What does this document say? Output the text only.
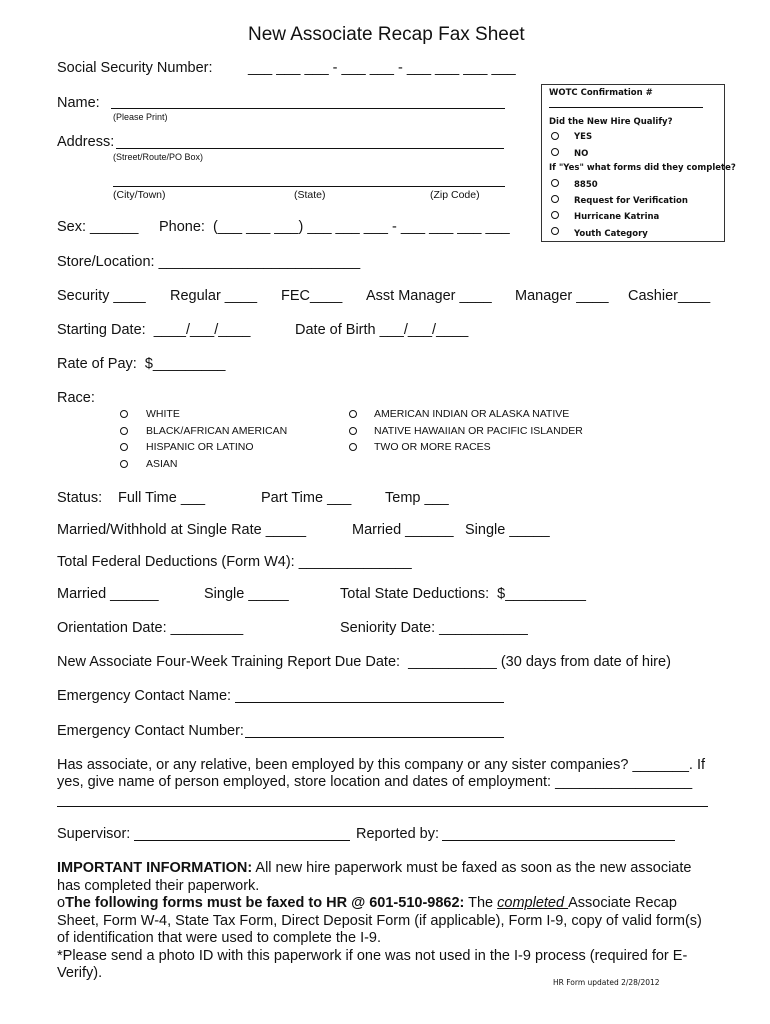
New Associate Recap Fax Sheet
Social Security Number: ___ ___ ___ - ___ ___ - ___ ___ ___ ___
Name:
(Please Print)
Address:
(Street/Route/PO Box)
(City/Town)	(State)	(Zip Code)
Sex: ______ Phone:  (___ ___ ___) ___ ___ ___ - ___ ___ ___ ___
WOTC Confirmation #
Did the New Hire Qualify?
YES
NO
If "Yes" what forms did they complete?
8850
Request for Verification
Hurricane Katrina
Youth Category
Store/Location: _________________________
Security ____ Regular ____ FEC____ Asst Manager ____ Manager ____ Cashier____
Starting Date:  ____/___/____	Date of Birth ___/___/____
Rate of Pay:  $_________
Race:
WHITE
BLACK/AFRICAN AMERICAN
HISPANIC OR LATINO
ASIAN
AMERICAN INDIAN OR ALASKA NATIVE
NATIVE HAWAIIAN OR PACIFIC ISLANDER
TWO OR MORE RACES
Status: Full Time ___	Part Time ___ Temp ___
Married/Withhold at Single Rate _____	Married ______ Single _____
Total Federal Deductions (Form W4): ______________
Married ______	Single _____	Total State Deductions:  $__________
Orientation Date: _________	Seniority Date: ___________
New Associate Four-Week Training Report Due Date:  ___________ (30 days from date of hire)
Emergency Contact Name:
Emergency Contact Number:
Has associate, or any relative, been employed by this company or any sister companies? _______. If
yes, give name of person employed, store location and dates of employment: _________________
Supervisor:	Reported by:
IMPORTANT INFORMATION: All new hire paperwork must be faxed as soon as the new associate has completed their paperwork.
oThe following forms must be faxed to HR @ 601-510-9862: The completed Associate Recap Sheet, Form W-4, State Tax Form, Direct Deposit Form (if applicable), Form I-9, copy of valid form(s) of identification that were used to complete the I-9.
*Please send a photo ID with this paperwork if one was not used in the I-9 process (required for E-Verify).
HR Form updated 2/28/2012
